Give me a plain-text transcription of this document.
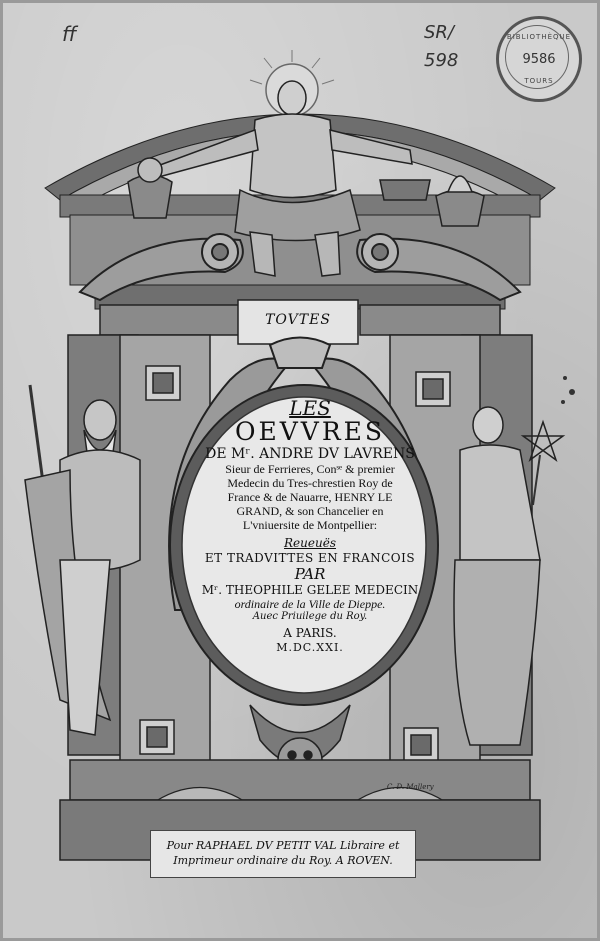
ff	SR/
598
BIBLIOTHÈQUE
9586
TOURS
TOVTES
LES
OEVVRES
DE Mʳ. ANDRE DV LAVRENS
Sieur de Ferrieres, Conˢᵉ & premier
Medecin du Tres-chrestien Roy de
France & de Nauarre, HENRY LE
GRAND, & son Chancelier en
L'vniuersite de Montpellier:
Reueuës
ET TRADVITTES EN FRANCOIS
PAR
Mʳ. THEOPHILE GELEE MEDECIN
ordinaire de la Ville de Dieppe.
Auec Priuilege du Roy.
A PARIS.
M.DC.XXI.
C. D. Mallery
Pour RAPHAEL DV PETIT VAL Libraire et
Imprimeur ordinaire du Roy. A ROVEN.
